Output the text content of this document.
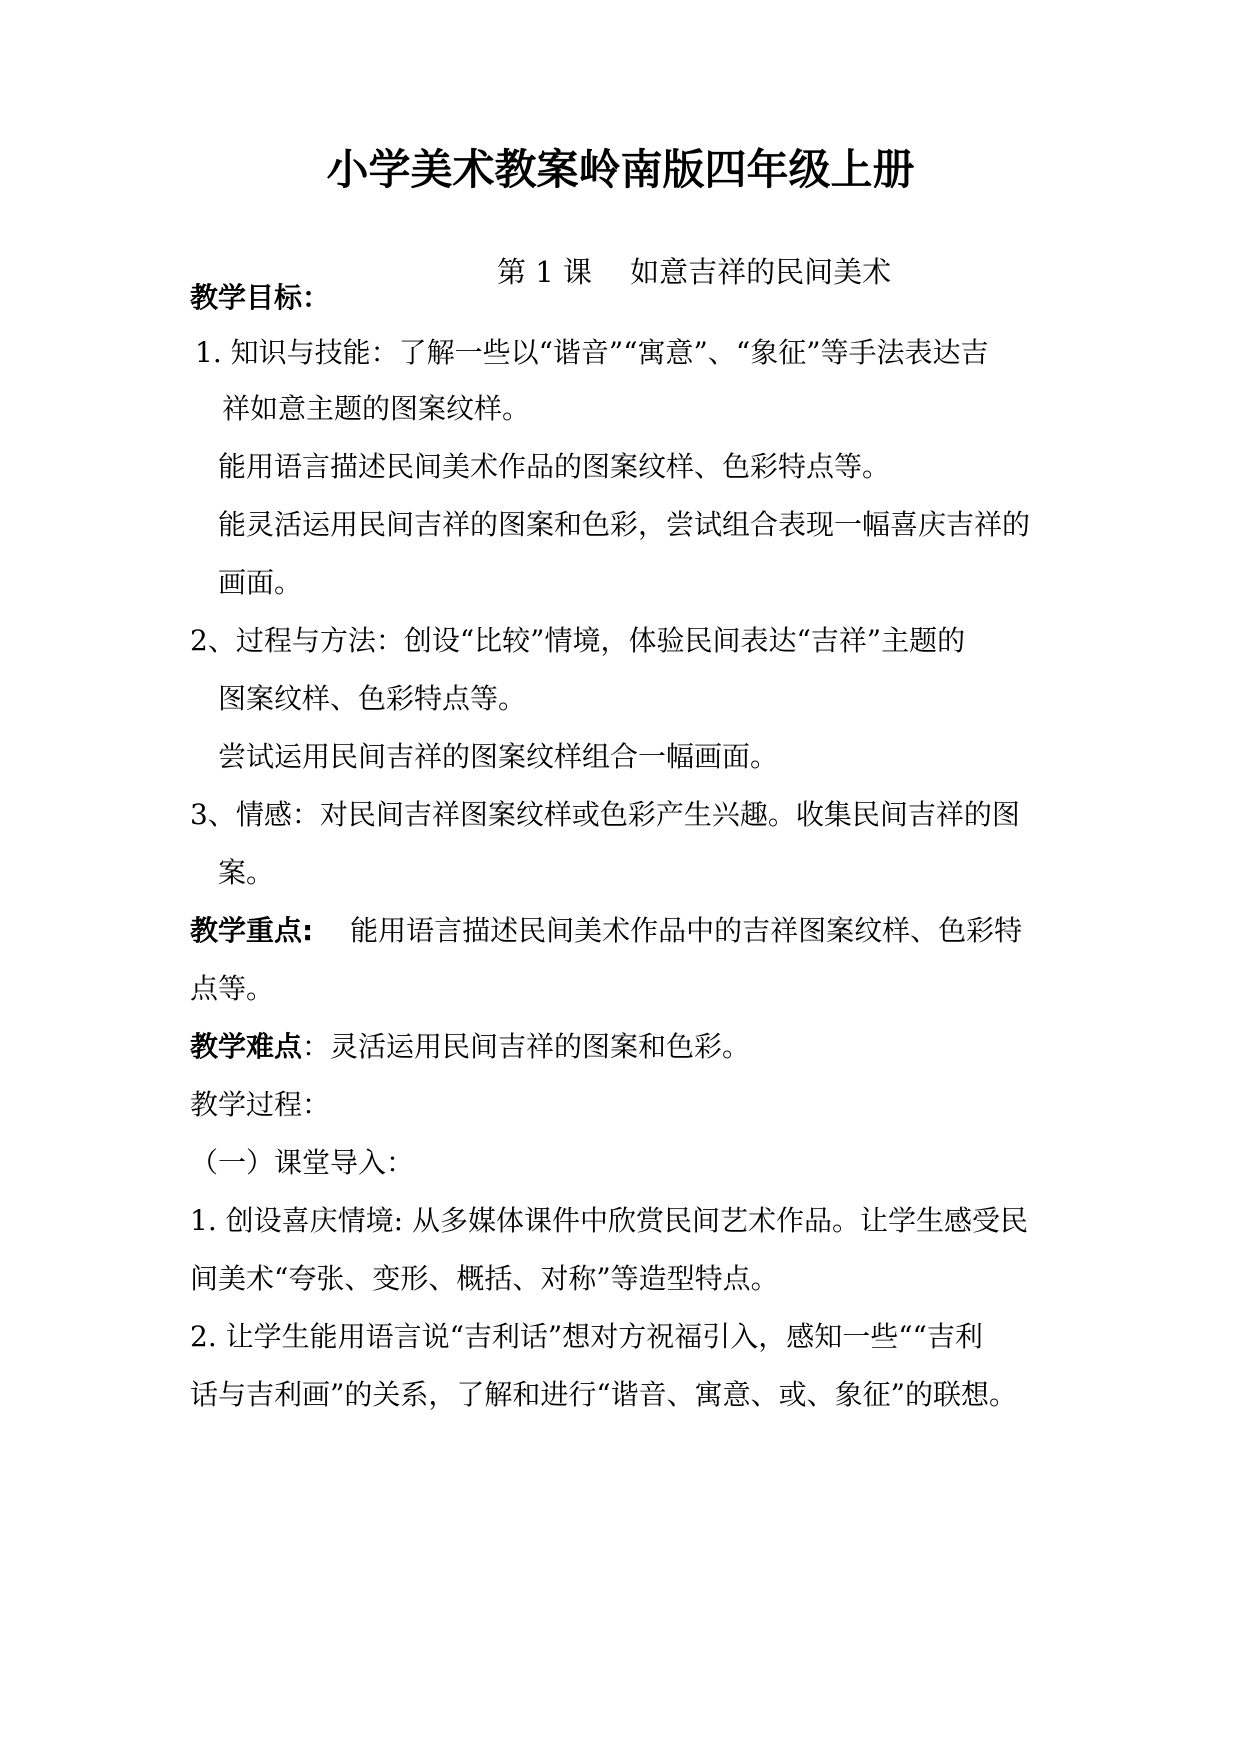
小学美术教案岭南版四年级上册

第 1 课　 如意吉祥的民间美术

教学目标：

1. 知识与技能：了解一些以“谐音”“寓意”、“象征”等手法表达吉

祥如意主题的图案纹样。

能用语言描述民间美术作品的图案纹样、色彩特点等。

能灵活运用民间吉祥的图案和色彩，尝试组合表现一幅喜庆吉祥的

画面。

2、过程与方法：创设“比较”情境，体验民间表达“吉祥”主题的

图案纹样、色彩特点等。

尝试运用民间吉祥的图案纹样组合一幅画面。

3、情感：对民间吉祥图案纹样或色彩产生兴趣。收集民间吉祥的图

案。

教学重点:　 能用语言描述民间美术作品中的吉祥图案纹样、色彩特

点等。

教学难点：灵活运用民间吉祥的图案和色彩。

教学过程：

（一）课堂导入：

1. 创设喜庆情境: 从多媒体课件中欣赏民间艺术作品。让学生感受民

间美术“夸张、变形、概括、对称”等造型特点。

2. 让学生能用语言说“吉利话”想对方祝福引入，感知一些““吉利

话与吉利画”的关系，了解和进行“谐音、寓意、或、象征”的联想。
